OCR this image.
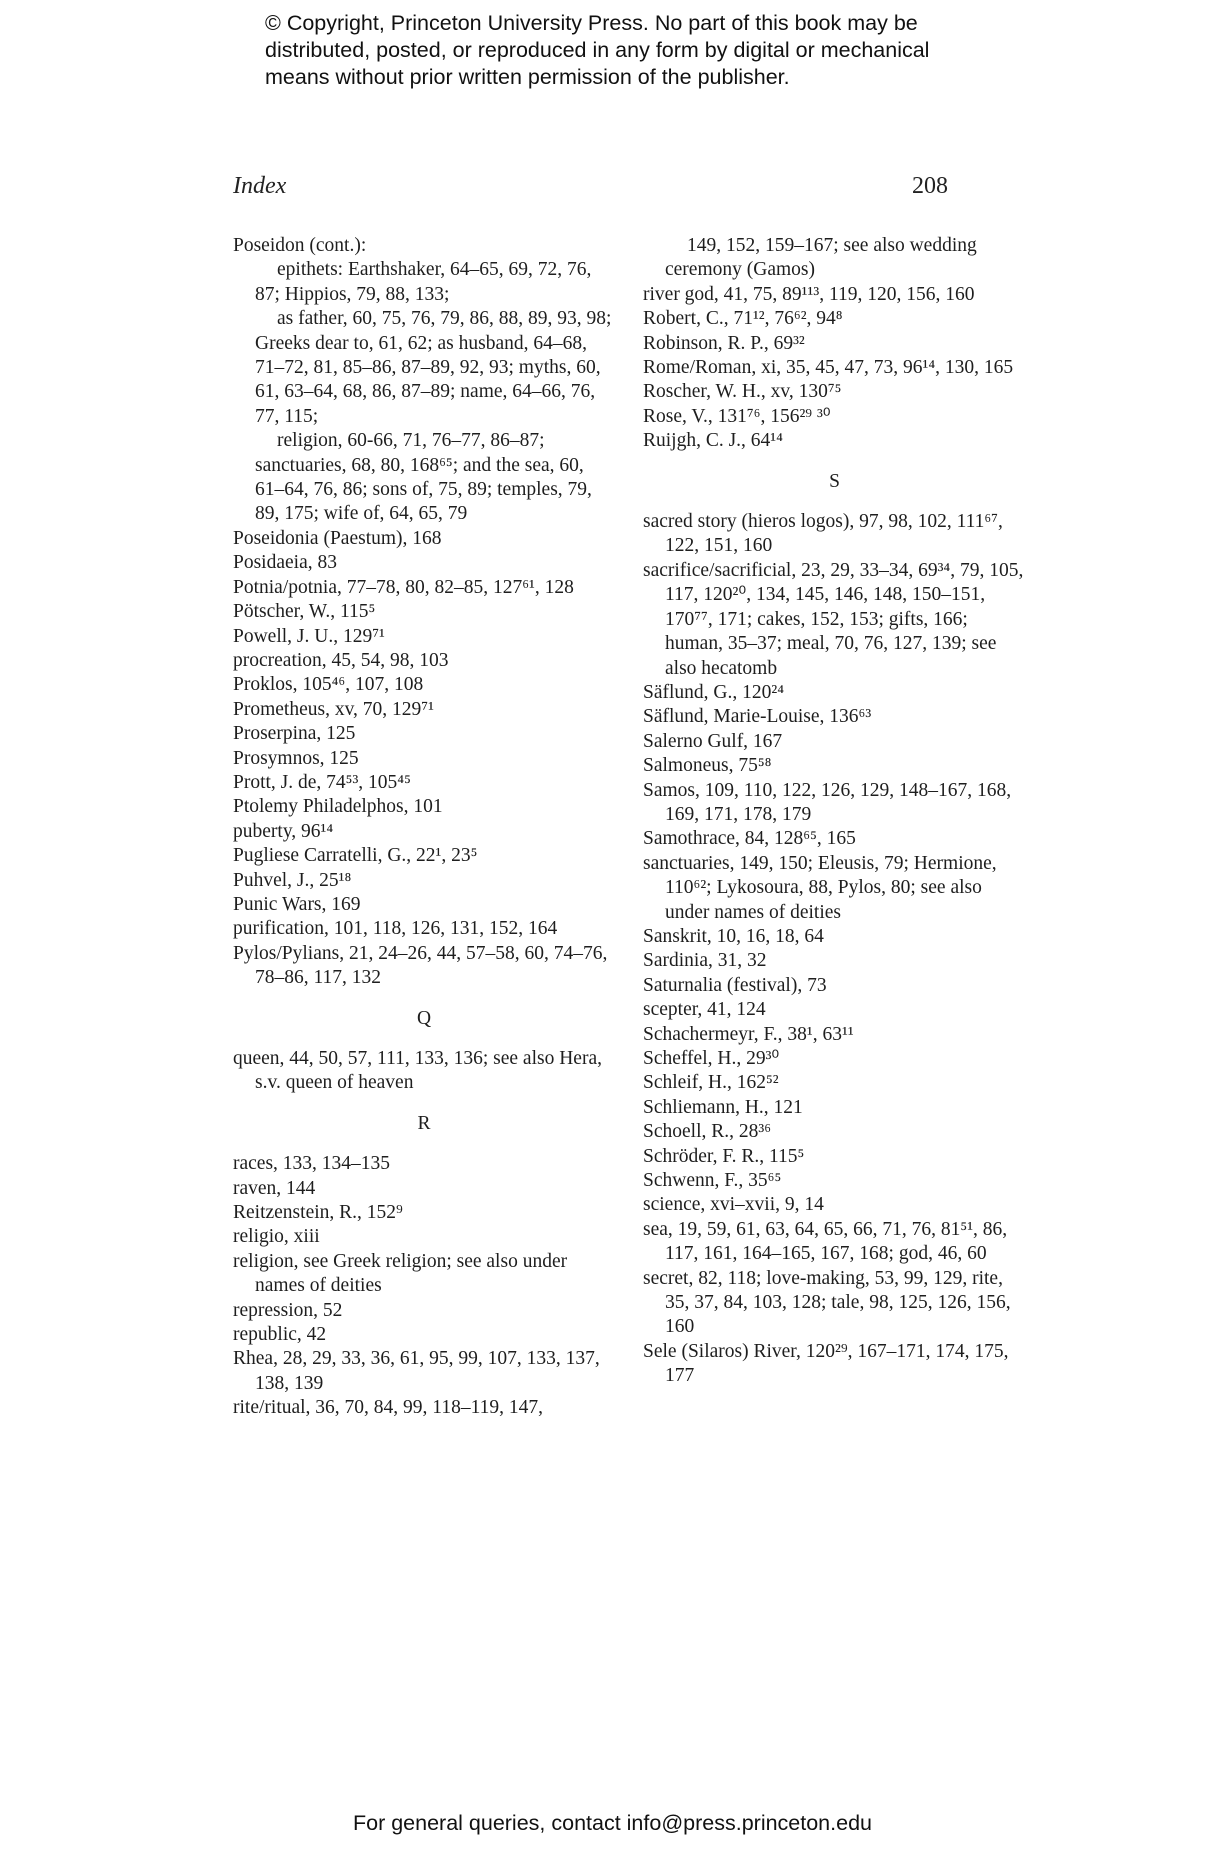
© Copyright, Princeton University Press. No part of this book may be
distributed, posted, or reproduced in any form by digital or mechanical
means without prior written permission of the publisher.
Index	208
Poseidon (cont.):
epithets: Earthshaker, 64–65, 69, 72, 76, 87; Hippios, 79, 88, 133;
as father, 60, 75, 76, 79, 86, 88, 89, 93, 98; Greeks dear to, 61, 62; as husband, 64–68, 71–72, 81, 85–86, 87–89, 92, 93; myths, 60, 61, 63–64, 68, 86, 87–89; name, 64–66, 76, 77, 115;
religion, 60-66, 71, 76–77, 86–87; sanctuaries, 68, 80, 168⁶⁵; and the sea, 60, 61–64, 76, 86; sons of, 75, 89; temples, 79, 89, 175; wife of, 64, 65, 79
Poseidonia (Paestum), 168
Posidaeia, 83
Potnia/potnia, 77–78, 80, 82–85, 127⁶¹, 128
Pötscher, W., 115⁵
Powell, J. U., 129⁷¹
procreation, 45, 54, 98, 103
Proklos, 105⁴⁶, 107, 108
Prometheus, xv, 70, 129⁷¹
Proserpina, 125
Prosymnos, 125
Prott, J. de, 74⁵³, 105⁴⁵
Ptolemy Philadelphos, 101
puberty, 96¹⁴
Pugliese Carratelli, G., 22¹, 23⁵
Puhvel, J., 25¹⁸
Punic Wars, 169
purification, 101, 118, 126, 131, 152, 164
Pylos/Pylians, 21, 24–26, 44, 57–58, 60, 74–76, 78–86, 117, 132
Q
queen, 44, 50, 57, 111, 133, 136; see also Hera, s.v. queen of heaven
R
races, 133, 134–135
raven, 144
Reitzenstein, R., 152⁹
religio, xiii
religion, see Greek religion; see also under names of deities
repression, 52
republic, 42
Rhea, 28, 29, 33, 36, 61, 95, 99, 107, 133, 137, 138, 139
rite/ritual, 36, 70, 84, 99, 118–119, 147,
149, 152, 159–167; see also wedding ceremony (Gamos)
river god, 41, 75, 89¹¹³, 119, 120, 156, 160
Robert, C., 71¹², 76⁶², 94⁸
Robinson, R. P., 69³²
Rome/Roman, xi, 35, 45, 47, 73, 96¹⁴, 130, 165
Roscher, W. H., xv, 130⁷⁵
Rose, V., 131⁷⁶, 156²⁹ ³⁰
Ruijgh, C. J., 64¹⁴
S
sacred story (hieros logos), 97, 98, 102, 111⁶⁷, 122, 151, 160
sacrifice/sacrificial, 23, 29, 33–34, 69³⁴, 79, 105, 117, 120²⁰, 134, 145, 146, 148, 150–151, 170⁷⁷, 171; cakes, 152, 153; gifts, 166; human, 35–37; meal, 70, 76, 127, 139; see also hecatomb
Säflund, G., 120²⁴
Säflund, Marie-Louise, 136⁶³
Salerno Gulf, 167
Salmoneus, 75⁵⁸
Samos, 109, 110, 122, 126, 129, 148–167, 168, 169, 171, 178, 179
Samothrace, 84, 128⁶⁵, 165
sanctuaries, 149, 150; Eleusis, 79; Hermione, 110⁶²; Lykosoura, 88, Pylos, 80; see also under names of deities
Sanskrit, 10, 16, 18, 64
Sardinia, 31, 32
Saturnalia (festival), 73
scepter, 41, 124
Schachermeyr, F., 38¹, 63¹¹
Scheffel, H., 29³⁰
Schleif, H., 162⁵²
Schliemann, H., 121
Schoell, R., 28³⁶
Schröder, F. R., 115⁵
Schwenn, F., 35⁶⁵
science, xvi–xvii, 9, 14
sea, 19, 59, 61, 63, 64, 65, 66, 71, 76, 81⁵¹, 86, 117, 161, 164–165, 167, 168; god, 46, 60
secret, 82, 118; love-making, 53, 99, 129, rite, 35, 37, 84, 103, 128; tale, 98, 125, 126, 156, 160
Sele (Silaros) River, 120²⁹, 167–171, 174, 175, 177
For general queries, contact info@press.princeton.edu
